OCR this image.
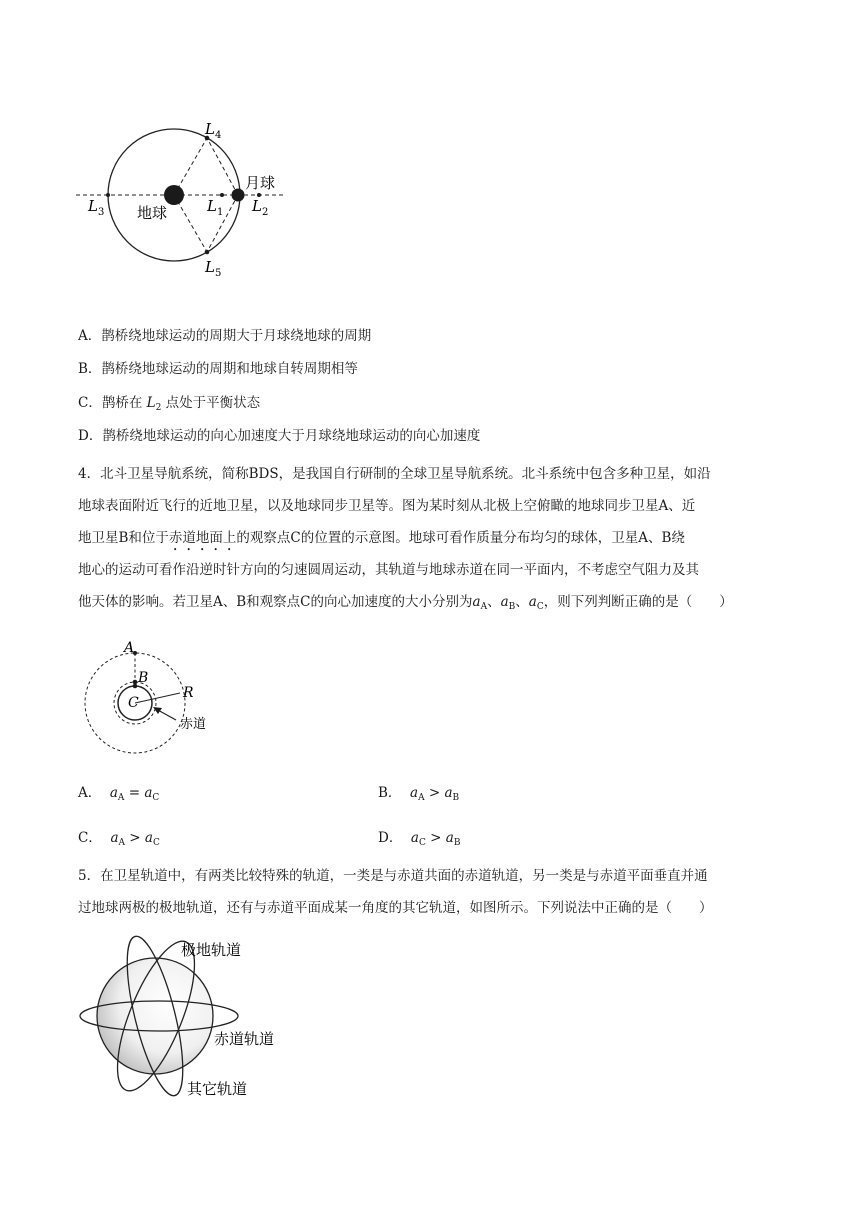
$L_4$
$L_5$
$L_3$	$L_1$ $L_2$
月球
地球
A．鹊桥绕地球运动的周期大于月球绕地球的周期
B．鹊桥绕地球运动的周期和地球自转周期相等
C．鹊桥在 $L_2$ 点处于平衡状态
D．鹊桥绕地球运动的向心加速度大于月球绕地球运动的向心加速度
4．北斗卫星导航系统，简称BDS，是我国自行研制的全球卫星导航系统。北斗系统中包含多种卫星，如沿
地球表面附近飞行的近地卫星，以及地球同步卫星等。图为某时刻从北极上空俯瞰的地球同步卫星A、近
地卫星B和位于赤道地面上的观察点C的位置的示意图。地球可看作质量分布均匀的球体，卫星A、B绕
地心的运动可看作沿逆时针方向的匀速圆周运动，其轨道与地球赤道在同一平面内，不考虑空气阻力及其
他天体的影响。若卫星A、B和观察点C的向心加速度的大小分别为$a_A$、$a_B$、$a_C$，则下列判断正确的是（　　）
A
B
C
R
赤道
A． $a_A = a_C$	B． $a_A > a_B$
C． $a_A > a_C$	D． $a_C > a_B$
5．在卫星轨道中，有两类比较特殊的轨道，一类是与赤道共面的赤道轨道，另一类是与赤道平面垂直并通
过地球两极的极地轨道，还有与赤道平面成某一角度的其它轨道，如图所示。下列说法中正确的是（　　）
极地轨道
赤道轨道
其它轨道
